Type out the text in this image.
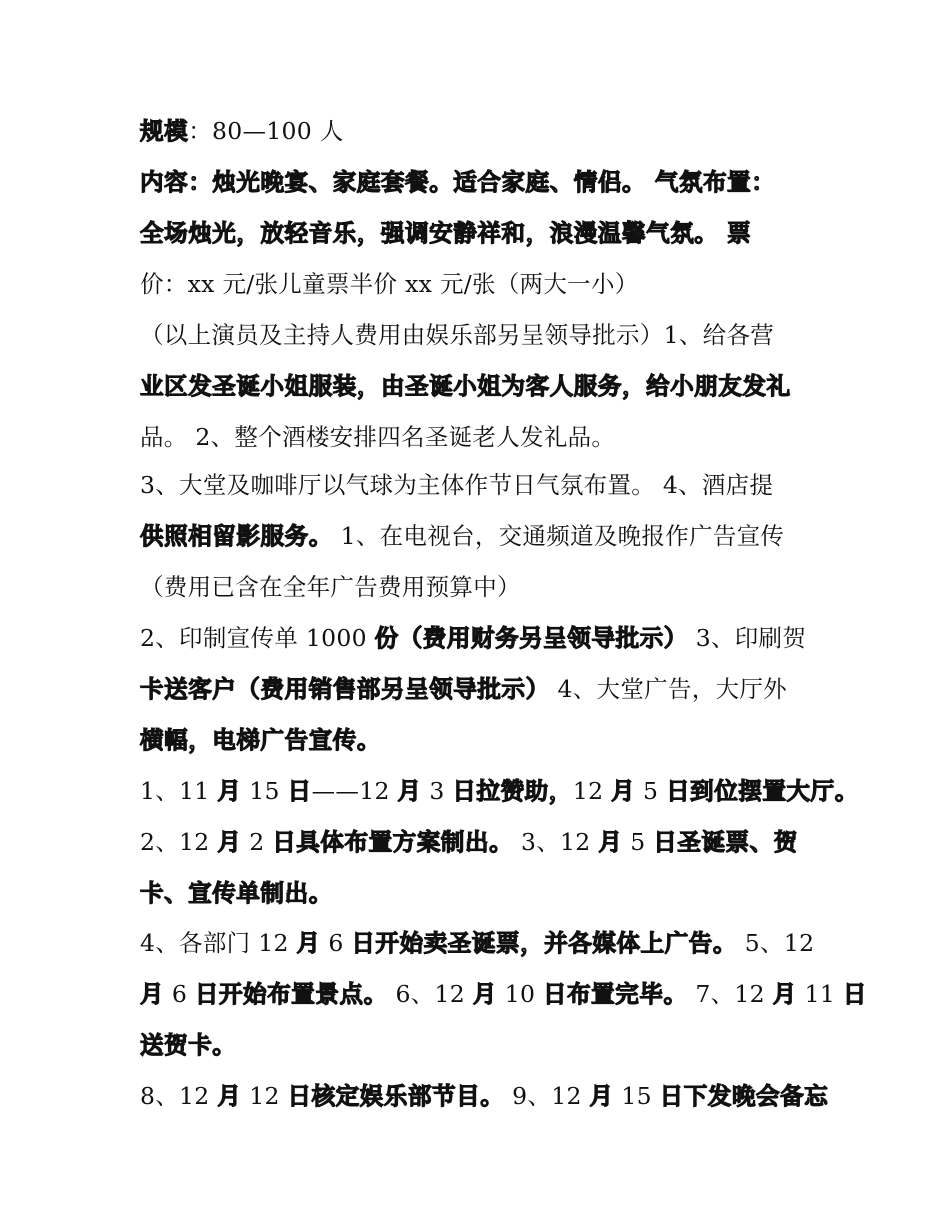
规模：80—100 人

内容：烛光晚宴、家庭套餐。适合家庭、情侣。 气氛布置：

全场烛光，放轻音乐，强调安静祥和，浪漫温馨气氛。 票

价：xx 元/张儿童票半价 xx 元/张（两大一小）

（以上演员及主持人费用由娱乐部另呈领导批示）1、给各营

业区发圣诞小姐服装，由圣诞小姐为客人服务，给小朋友发礼

品。 2、整个酒楼安排四名圣诞老人发礼品。

3、大堂及咖啡厅以气球为主体作节日气氛布置。 4、酒店提

供照相留影服务。 1、在电视台，交通频道及晚报作广告宣传

（费用已含在全年广告费用预算中）

2、印制宣传单 1000 份（费用财务另呈领导批示） 3、印刷贺

卡送客户（费用销售部另呈领导批示） 4、大堂广告，大厅外

横幅，电梯广告宣传。

1、11 月 15 日——12 月 3 日拉赞助，12 月 5 日到位摆置大厅。

2、12 月 2 日具体布置方案制出。 3、12 月 5 日圣诞票、贺

卡、宣传单制出。

4、各部门 12 月 6 日开始卖圣诞票，并各媒体上广告。 5、12

月 6 日开始布置景点。 6、12 月 10 日布置完毕。 7、12 月 11 日

送贺卡。

8、12 月 12 日核定娱乐部节目。 9、12 月 15 日下发晚会备忘
